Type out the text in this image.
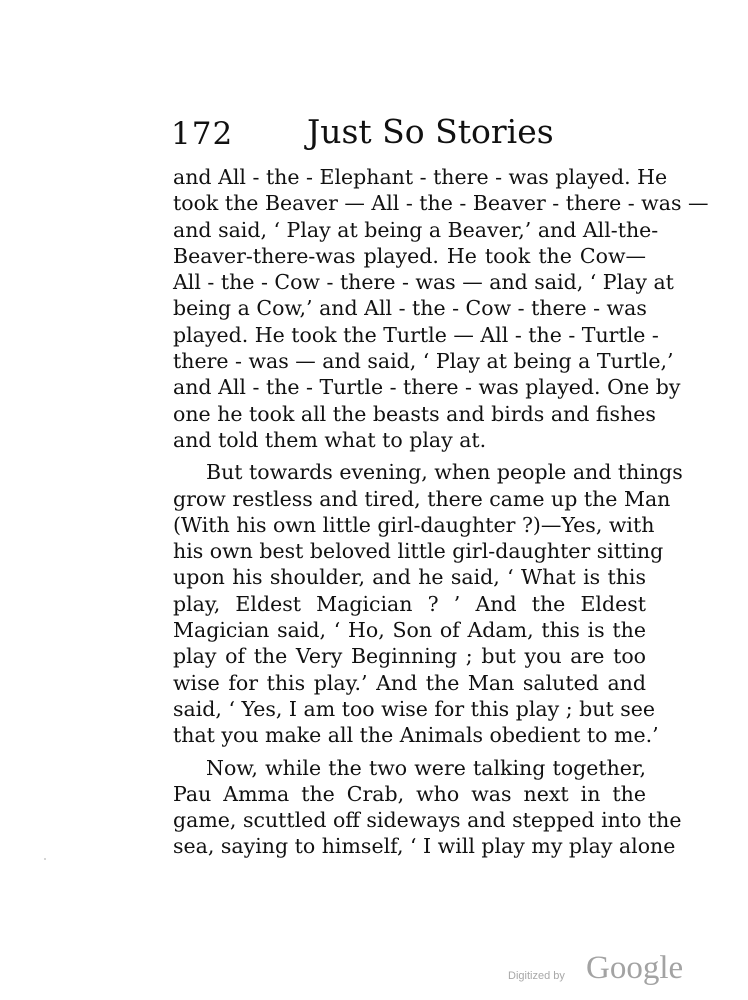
172 Just So Stories
and All - the - Elephant - there - was played. He
took the Beaver — All - the - Beaver - there - was —
and said, ‘ Play at being a Beaver,’ and All-the-
Beaver-there-was played. He took the Cow—
All - the - Cow - there - was — and said, ‘ Play at
being a Cow,’ and All - the - Cow - there - was
played. He took the Turtle — All - the - Turtle -
there - was — and said, ‘ Play at being a Turtle,’
and All - the - Turtle - there - was played. One by
one he took all the beasts and birds and fishes
and told them what to play at.
But towards evening, when people and things
grow restless and tired, there came up the Man
(With his own little girl-daughter ?)—Yes, with
his own best beloved little girl-daughter sitting
upon his shoulder, and he said, ‘ What is this
play, Eldest Magician ? ’ And the Eldest
Magician said, ‘ Ho, Son of Adam, this is the
play of the Very Beginning ; but you are too
wise for this play.’ And the Man saluted and
said, ‘ Yes, I am too wise for this play ; but see
that you make all the Animals obedient to me.’
Now, while the two were talking together,
Pau Amma the Crab, who was next in the
game, scuttled off sideways and stepped into the
sea, saying to himself, ‘ I will play my play alone
Digitized by Google
